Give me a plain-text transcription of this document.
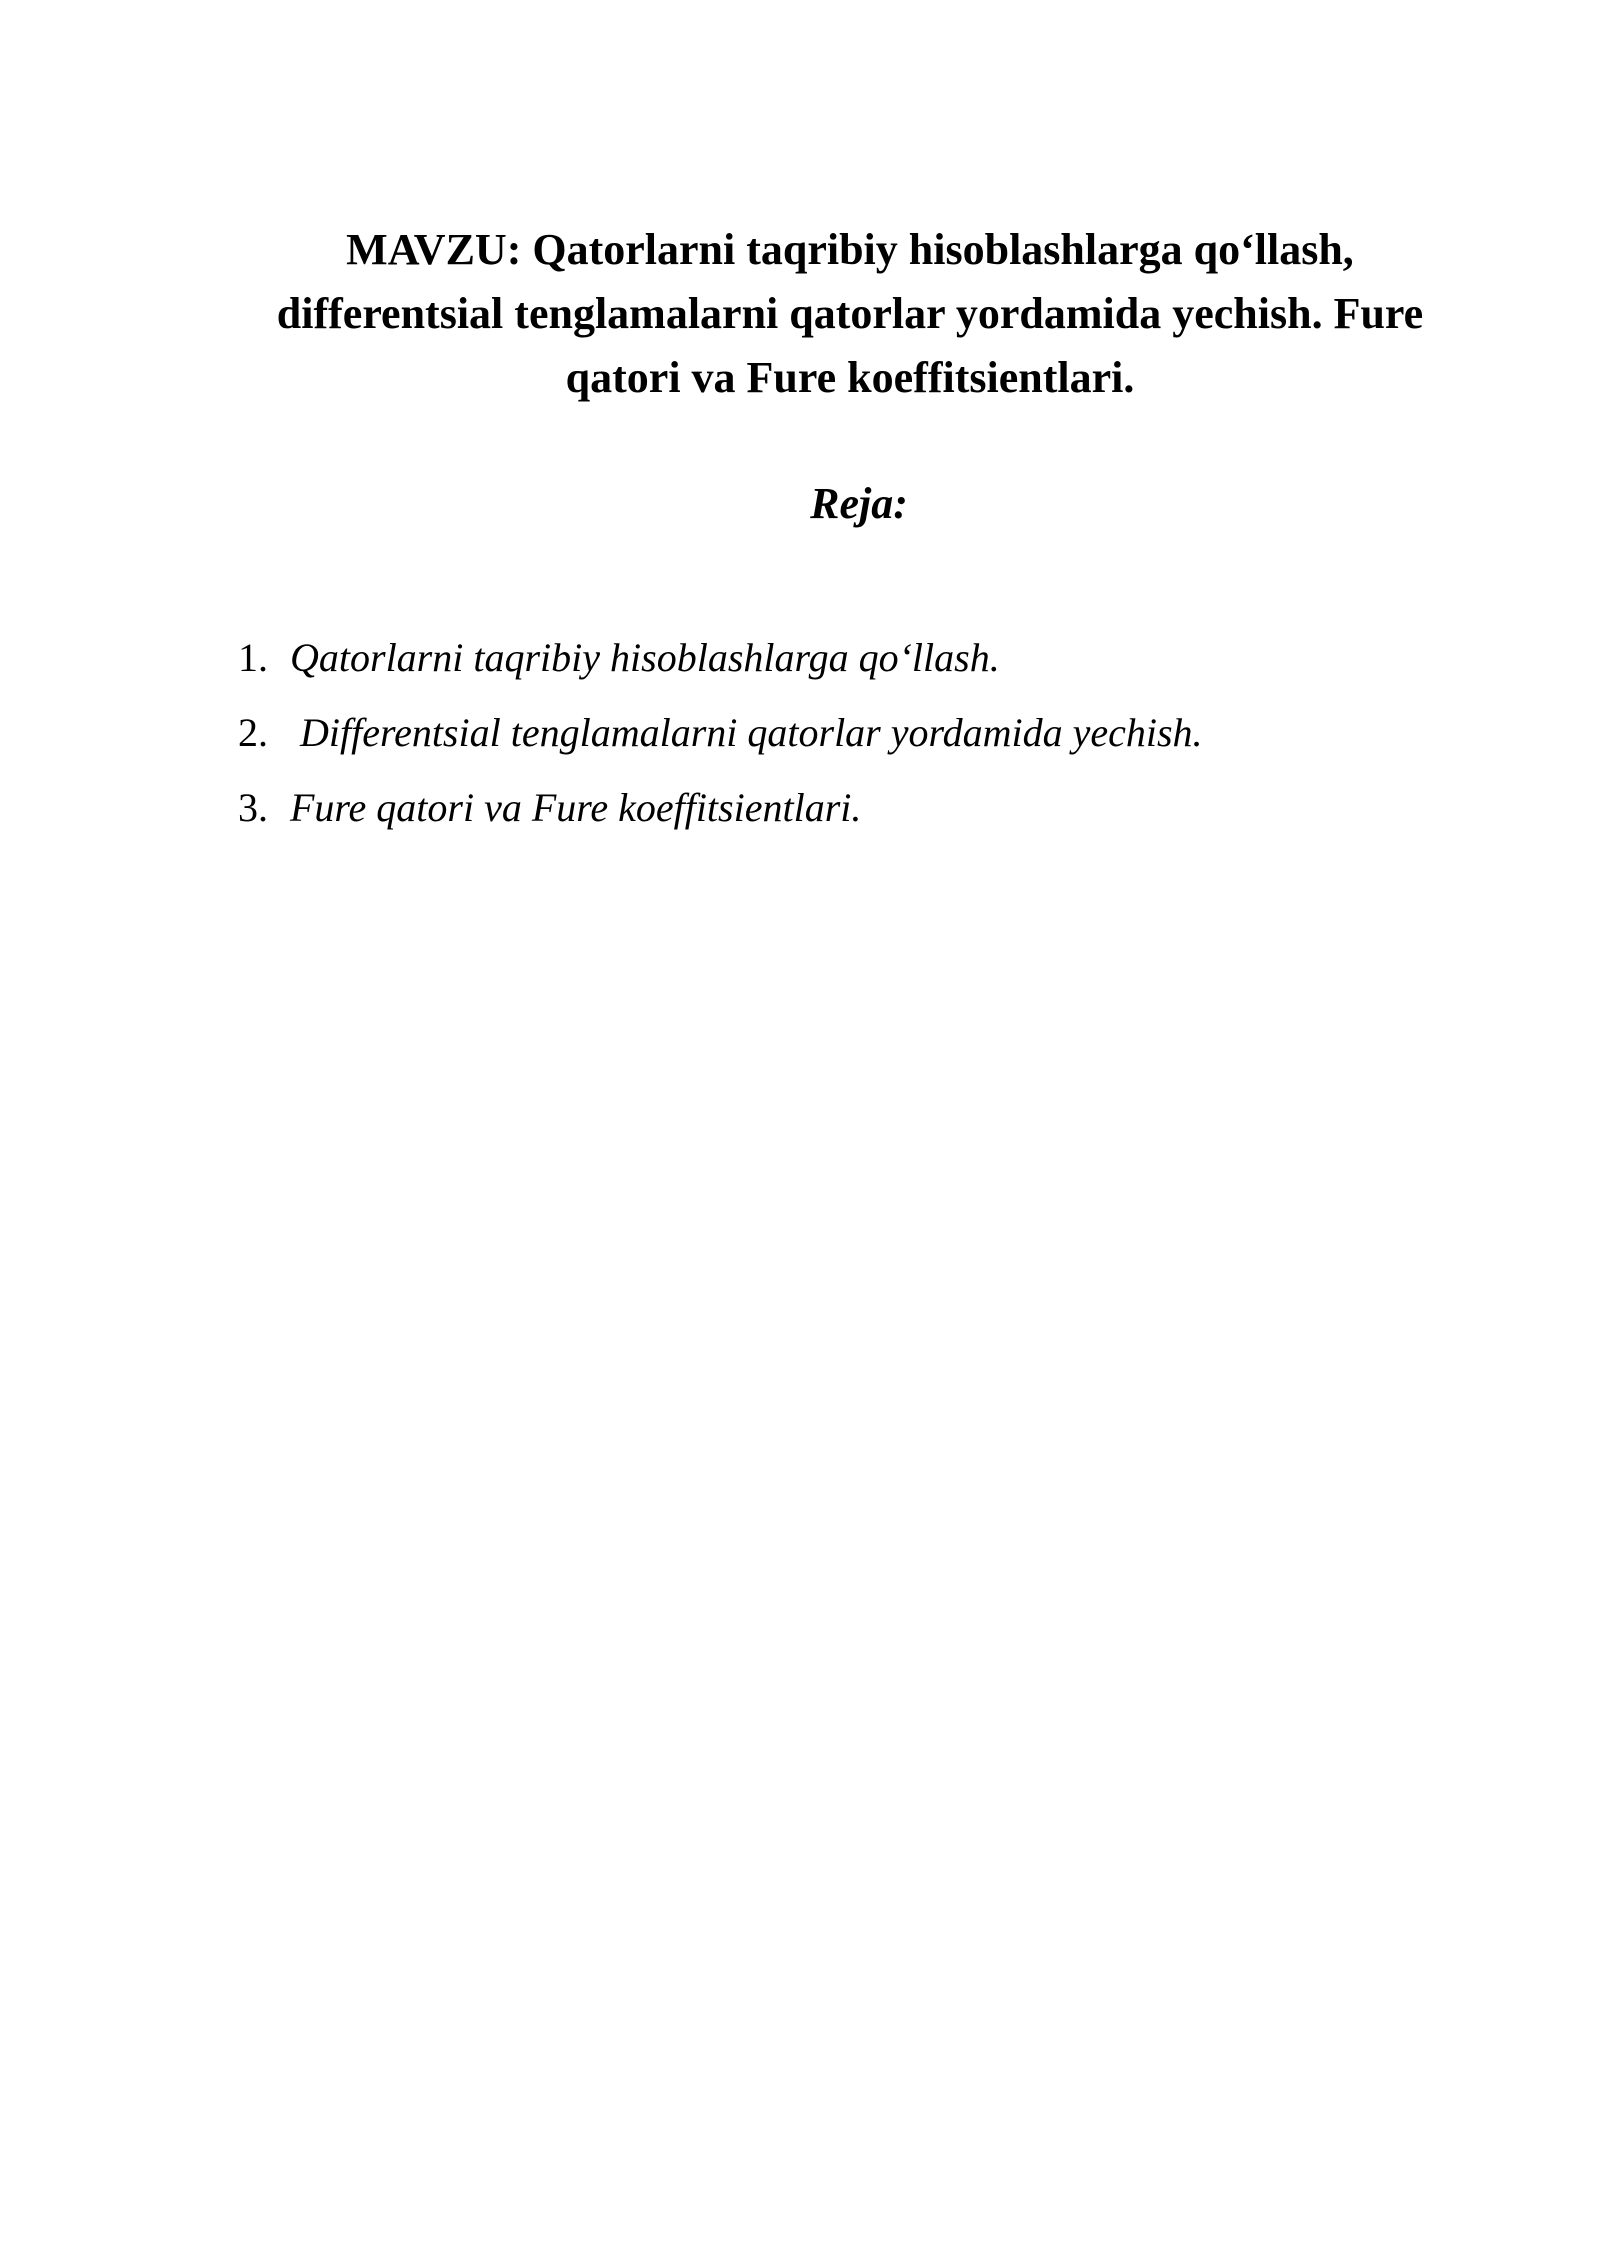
MAVZU: Qatorlarni taqribiy hisoblashlarga qo‘llash,
differentsial tenglamalarni qatorlar yordamida yechish. Fure
qatori va Fure koeffitsientlari.
Reja:
1. Qatorlarni taqribiy hisoblashlarga qo‘llash.
2. Differentsial tenglamalarni qatorlar yordamida yechish.
3. Fure qatori va Fure koeffitsientlari.
